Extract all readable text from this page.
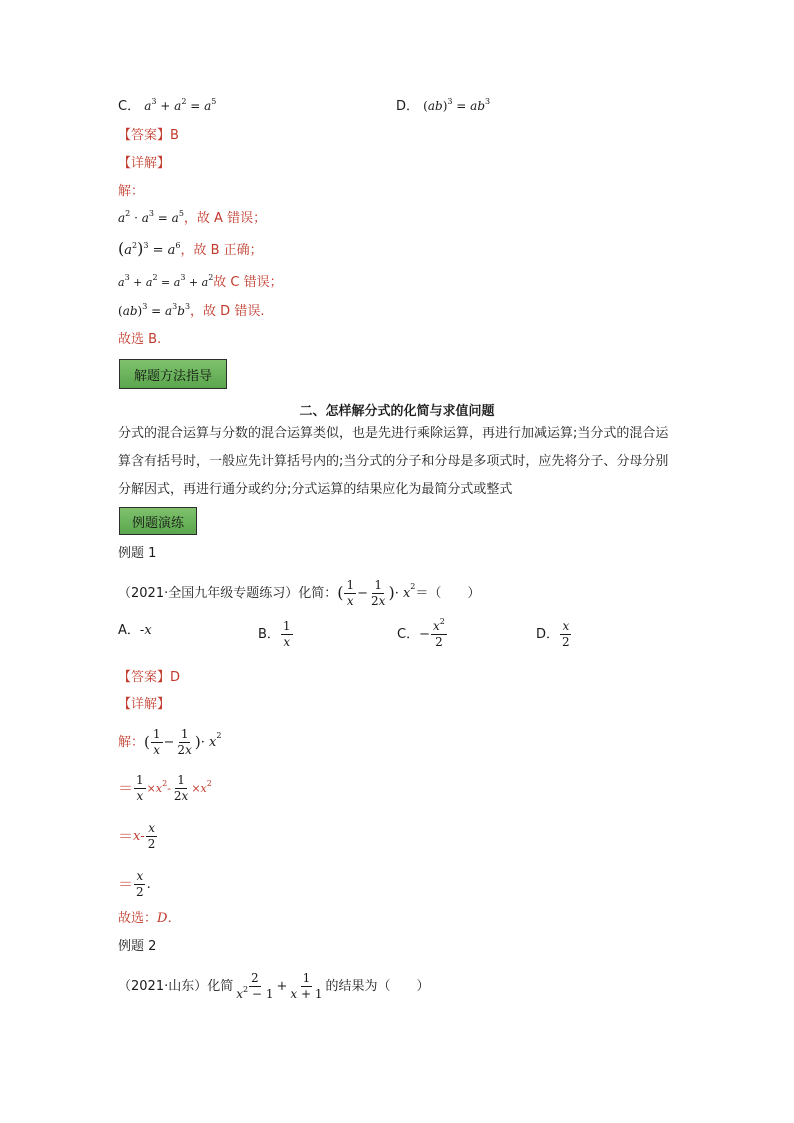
C． $a^3 + a^2 = a^5$	D． $(ab)^3 = ab^3$
【答案】B
【详解】
解：
$a^2 \cdot a^3 = a^5$，故 A 错误；
$(a^2)^3 = a^6$，故 B 正确；
$a^3 + a^2 = a^3 + a^2$故 C 错误；
$(ab)^3 = a^3b^3$，故 D 错误.
故选 B.
解题方法指导
二、怎样解分式的化简与求值问题
分式的混合运算与分数的混合运算类似，也是先进行乘除运算，再进行加减运算;当分式的混合运算含有括号时，一般应先计算括号内的;当分式的分子和分母是多项式时，应先将分子、分母分别分解因式，再进行通分或约分;分式运算的结果应化为最简分式或整式
例题演练
例题 1
（2021·全国九年级专题练习）化简： ( $\frac{1}{x} - \frac{1}{2x}$ ) · $x^2$ ＝（　　）
A． -x	B． $\frac{1}{x}$	C． − $\frac{x^2}{2}$	D． $\frac{x}{2}$
【答案】D
【详解】
解： ( $\frac{1}{x} - \frac{1}{2x}$ ) · $x^2$
＝ $\frac{1}{x} \times x^2- \frac{1}{2x} \times x^2$
＝ $x- \frac{x}{2}$
＝ $\frac{x}{2}$ .
故选：D．
例题 2
（2021·山东）化简 $\frac{2}{x^2 - 1} + \frac{1}{x + 1}$ 的结果为（　　）
